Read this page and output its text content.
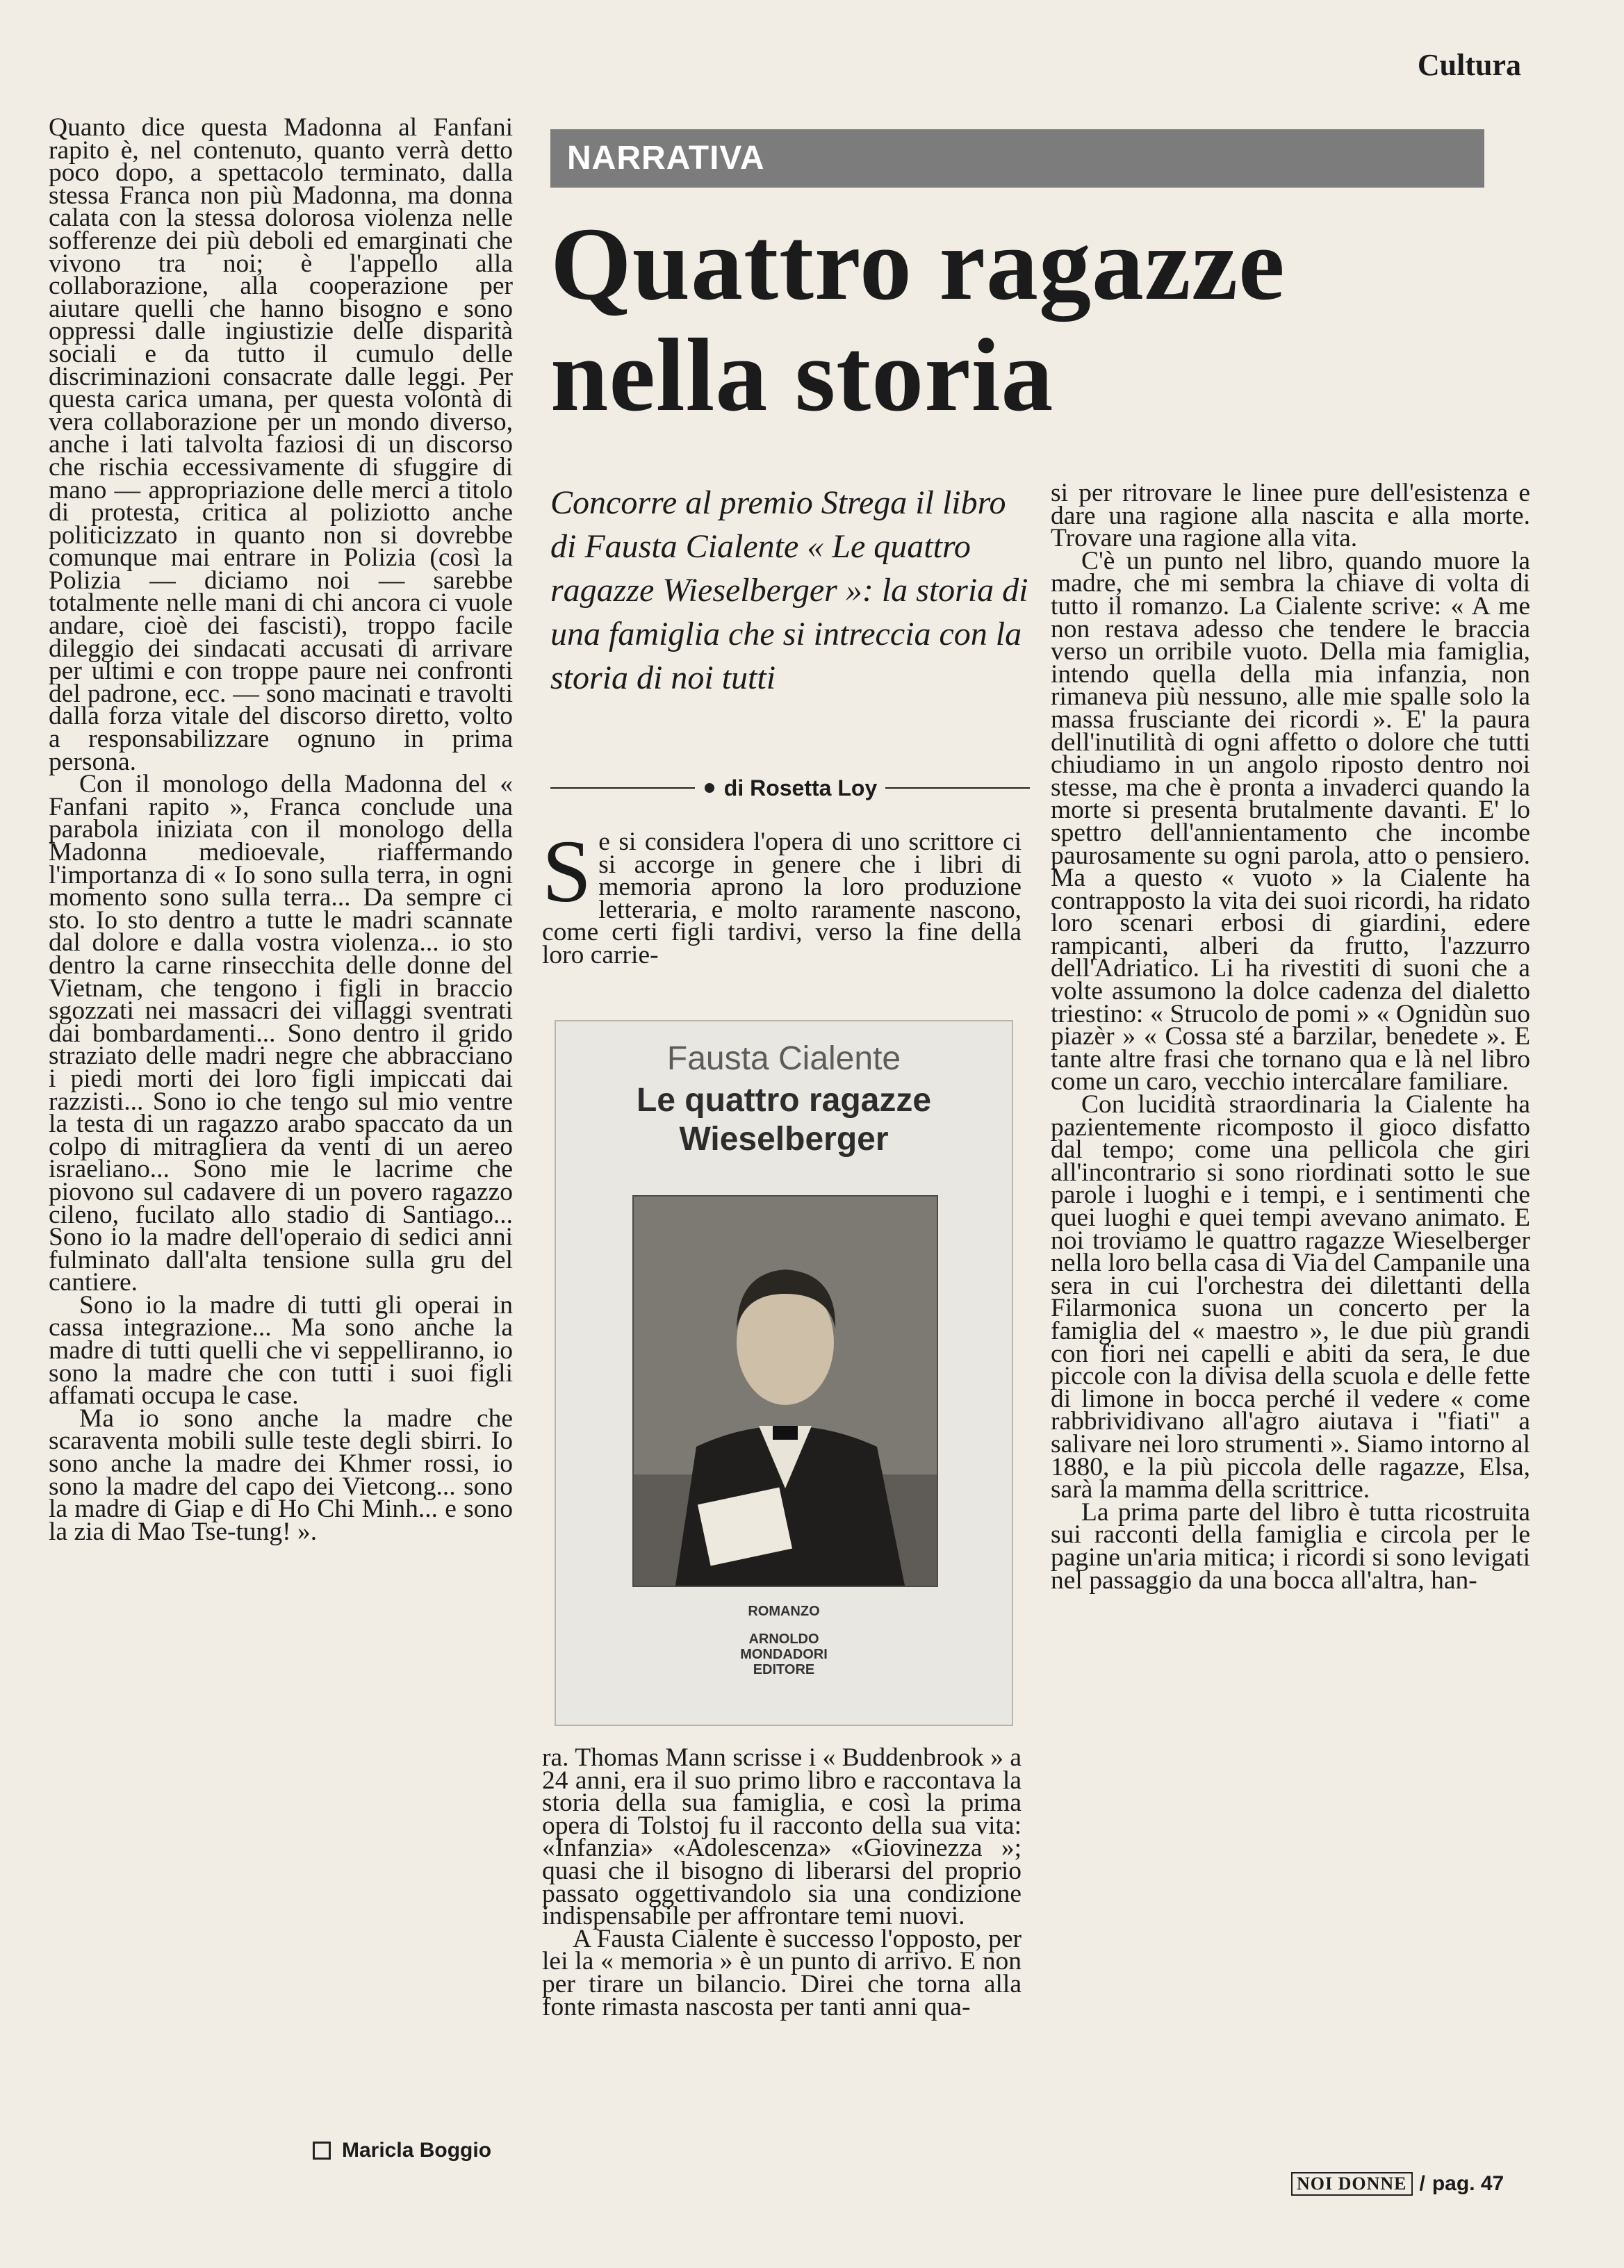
Cultura

Quanto dice questa Madonna al Fanfani rapito è, nel contenuto, quanto verrà detto poco dopo, a spettacolo terminato, dalla stessa Franca non più Madonna, ma donna calata con la stessa dolorosa violenza nelle sofferenze dei più deboli ed emarginati che vivono tra noi; è l'appello alla collaborazione, alla cooperazione per aiutare quelli che hanno bisogno e sono oppressi dalle ingiustizie delle disparità sociali e da tutto il cumulo delle discriminazioni consacrate dalle leggi. Per questa carica umana, per questa volontà di vera collaborazione per un mondo diverso, anche i lati talvolta faziosi di un discorso che rischia eccessivamente di sfuggire di mano — appropriazione delle merci a titolo di protesta, critica al poliziotto anche politicizzato in quanto non si dovrebbe comunque mai entrare in Polizia (così la Polizia — diciamo noi — sarebbe totalmente nelle mani di chi ancora ci vuole andare, cioè dei fascisti), troppo facile dileggio dei sindacati accusati di arrivare per ultimi e con troppe paure nei confronti del padrone, ecc. — sono macinati e travolti dalla forza vitale del discorso diretto, volto a responsabilizzare ognuno in prima persona.

Con il monologo della Madonna del « Fanfani rapito », Franca conclude una parabola iniziata con il monologo della Madonna medioevale, riaffermando l'importanza di « Io sono sulla terra, in ogni momento sono sulla terra... Da sempre ci sto. Io sto dentro a tutte le madri scannate dal dolore e dalla vostra violenza... io sto dentro la carne rinsecchita delle donne del Vietnam, che tengono i figli in braccio sgozzati nei massacri dei villaggi sventrati dai bombardamenti... Sono dentro il grido straziato delle madri negre che abbracciano i piedi morti dei loro figli impiccati dai razzisti... Sono io che tengo sul mio ventre la testa di un ragazzo arabo spaccato da un colpo di mitragliera da venti di un aereo israeliano... Sono mie le lacrime che piovono sul cadavere di un povero ragazzo cileno, fucilato allo stadio di Santiago... Sono io la madre dell'operaio di sedici anni fulminato dall'alta tensione sulla gru del cantiere.

Sono io la madre di tutti gli operai in cassa integrazione... Ma sono anche la madre di tutti quelli che vi seppelliranno, io sono la madre che con tutti i suoi figli affamati occupa le case.

Ma io sono anche la madre che scaraventa mobili sulle teste degli sbirri. Io sono anche la madre dei Khmer rossi, io sono la madre del capo dei Vietcong... sono la madre di Giap e di Ho Chi Minh... e sono la zia di Mao Tse-tung! ».

Maricla Boggio
NARRATIVA
Quattro ragazze
nella storia
Concorre al premio Strega il libro di Fausta Cialente « Le quattro ragazze Wieselberger »: la storia di una famiglia che si intreccia con la storia di noi tutti
di Rosetta Loy

Se si considera l'opera di uno scrittore ci si accorge in genere che i libri di memoria aprono la loro produzione letteraria, e molto raramente nascono, come certi figli tardivi, verso la fine della loro carrie-

Fausta Cialente
Le quattro ragazze
Wieselberger
ROMANZO
ARNOLDO
MONDADORI
EDITORE

ra. Thomas Mann scrisse i « Buddenbrook » a 24 anni, era il suo primo libro e raccontava la storia della sua famiglia, e così la prima opera di Tolstoj fu il racconto della sua vita: «Infanzia» «Adolescenza» «Giovinezza »; quasi che il bisogno di liberarsi del proprio passato oggettivandolo sia una condizione indispensabile per affrontare temi nuovi.

A Fausta Cialente è successo l'opposto, per lei la « memoria » è un punto di arrivo. E non per tirare un bilancio. Direi che torna alla fonte rimasta nascosta per tanti anni qua-

si per ritrovare le linee pure dell'esistenza e dare una ragione alla nascita e alla morte. Trovare una ragione alla vita.

C'è un punto nel libro, quando muore la madre, che mi sembra la chiave di volta di tutto il romanzo. La Cialente scrive: « A me non restava adesso che tendere le braccia verso un orribile vuoto. Della mia famiglia, intendo quella della mia infanzia, non rimaneva più nessuno, alle mie spalle solo la massa frusciante dei ricordi ». E' la paura dell'inutilità di ogni affetto o dolore che tutti chiudiamo in un angolo riposto dentro noi stesse, ma che è pronta a invaderci quando la morte si presenta brutalmente davanti. E' lo spettro dell'annientamento che incombe paurosamente su ogni parola, atto o pensiero. Ma a questo « vuoto » la Cialente ha contrapposto la vita dei suoi ricordi, ha ridato loro scenari erbosi di giardini, edere rampicanti, alberi da frutto, l'azzurro dell'Adriatico. Li ha rivestiti di suoni che a volte assumono la dolce cadenza del dialetto triestino: « Strucolo de pomi » « Ognidùn suo piazèr » « Cossa sté a barzilar, benedete ». E tante altre frasi che tornano qua e là nel libro come un caro, vecchio intercalare familiare.

Con lucidità straordinaria la Cialente ha pazientemente ricomposto il gioco disfatto dal tempo; come una pellicola che giri all'incontrario si sono riordinati sotto le sue parole i luoghi e i tempi, e i sentimenti che quei luoghi e quei tempi avevano animato. E noi troviamo le quattro ragazze Wieselberger nella loro bella casa di Via del Campanile una sera in cui l'orchestra dei dilettanti della Filarmonica suona un concerto per la famiglia del « maestro », le due più grandi con fiori nei capelli e abiti da sera, le due piccole con la divisa della scuola e delle fette di limone in bocca perché il vedere « come rabbrividivano all'agro aiutava i "fiati" a salivare nei loro strumenti ». Siamo intorno al 1880, e la più piccola delle ragazze, Elsa, sarà la mamma della scrittrice.

La prima parte del libro è tutta ricostruita sui racconti della famiglia e circola per le pagine un'aria mitica; i ricordi si sono levigati nel passaggio da una bocca all'altra, han-

NOI DONNE / pag. 47
